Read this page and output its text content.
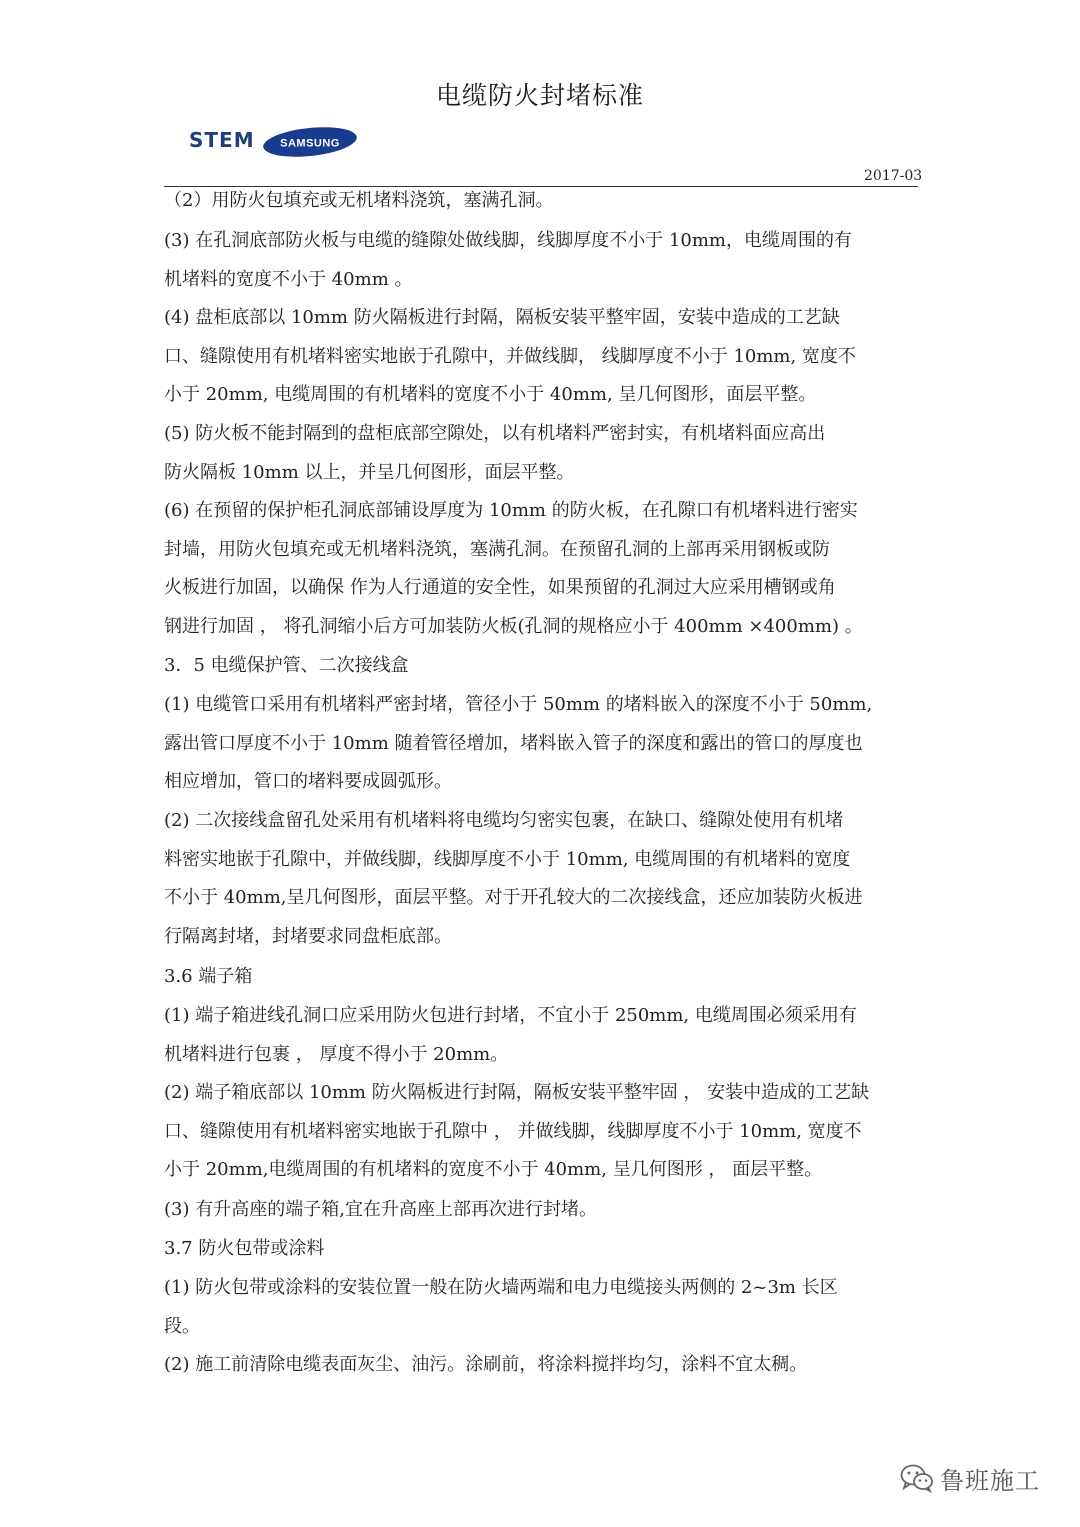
电缆防火封堵标准
STEM SAMSUNG
2017-03
（2）用防火包填充或无机堵料浇筑，塞满孔洞。
(3) 在孔洞底部防火板与电缆的缝隙处做线脚，线脚厚度不小于 10mm，电缆周围的有
机堵料的宽度不小于 40mm 。
(4) 盘柜底部以 10mm 防火隔板进行封隔，隔板安装平整牢固，安装中造成的工艺缺
口、缝隙使用有机堵料密实地嵌于孔隙中，并做线脚， 线脚厚度不小于 10mm, 宽度不
小于 20mm, 电缆周围的有机堵料的宽度不小于 40mm, 呈几何图形，面层平整。
(5) 防火板不能封隔到的盘柜底部空隙处，以有机堵料严密封实，有机堵料面应高出
防火隔板 10mm 以上，并呈几何图形，面层平整。
(6) 在预留的保护柜孔洞底部铺设厚度为 10mm 的防火板，在孔隙口有机堵料进行密实
封墙，用防火包填充或无机堵料浇筑，塞满孔洞。在预留孔洞的上部再采用钢板或防
火板进行加固，以确保 作为人行通道的安全性，如果预留的孔洞过大应采用槽钢或角
钢进行加固 ， 将孔洞缩小后方可加装防火板(孔洞的规格应小于 400mm ×400mm) 。
3．5 电缆保护管、二次接线盒
(1) 电缆管口采用有机堵料严密封堵，管径小于 50mm 的堵料嵌入的深度不小于 50mm,
露出管口厚度不小于 10mm 随着管径增加，堵料嵌入管子的深度和露出的管口的厚度也
相应增加，管口的堵料要成圆弧形。
(2) 二次接线盒留孔处采用有机堵料将电缆均匀密实包裹，在缺口、缝隙处使用有机堵
料密实地嵌于孔隙中，并做线脚，线脚厚度不小于 10mm, 电缆周围的有机堵料的宽度
不小于 40mm,呈几何图形，面层平整。对于开孔较大的二次接线盒，还应加装防火板进
行隔离封堵，封堵要求同盘柜底部。
3.6 端子箱
(1) 端子箱进线孔洞口应采用防火包进行封堵，不宜小于 250mm, 电缆周围必须采用有
机堵料进行包裹 ， 厚度不得小于 20mm。
(2) 端子箱底部以 10mm 防火隔板进行封隔，隔板安装平整牢固 ， 安装中造成的工艺缺
口、缝隙使用有机堵料密实地嵌于孔隙中 ， 并做线脚，线脚厚度不小于 10mm, 宽度不
小于 20mm,电缆周围的有机堵料的宽度不小于 40mm, 呈几何图形 ， 面层平整。
(3) 有升高座的端子箱,宜在升高座上部再次进行封堵。
3.7 防火包带或涂料
(1) 防火包带或涂料的安装位置一般在防火墙两端和电力电缆接头两侧的 2~3m 长区
段。
(2) 施工前清除电缆表面灰尘、油污。涂刷前，将涂料搅拌均匀，涂料不宜太稠。
鲁班施工
